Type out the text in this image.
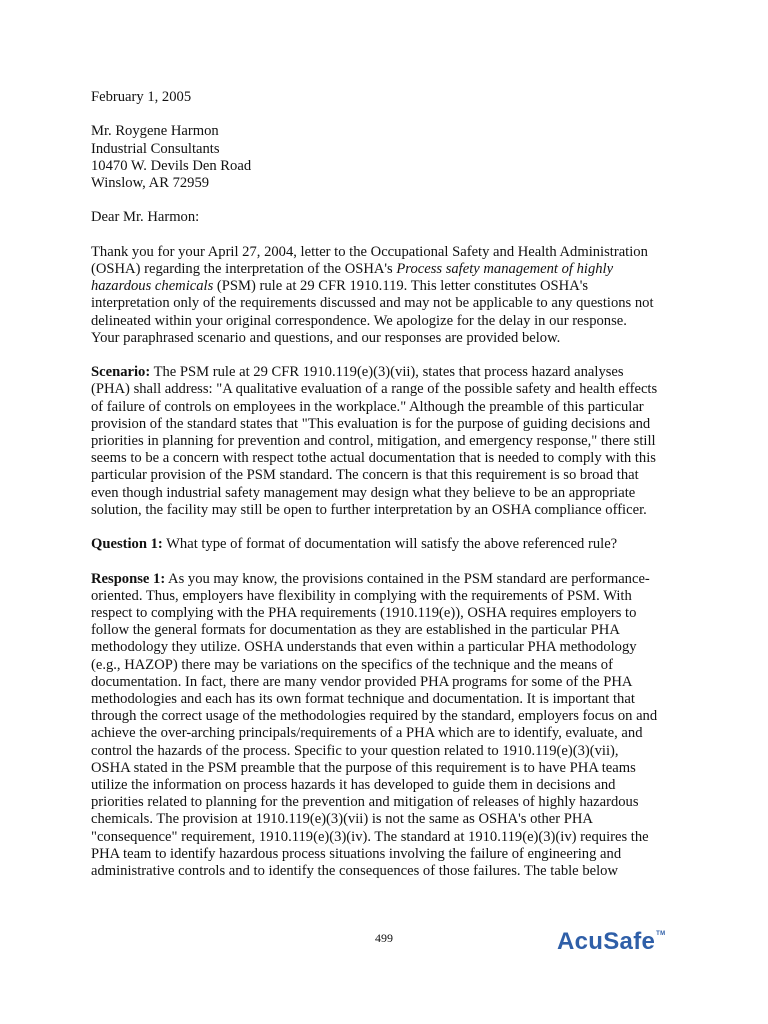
February 1, 2005
Mr. Roygene Harmon
Industrial Consultants
10470 W. Devils Den Road
Winslow, AR 72959
Dear Mr. Harmon:
Thank you for your April 27, 2004, letter to the Occupational Safety and Health Administration
(OSHA) regarding the interpretation of the OSHA's Process safety management of highly
hazardous chemicals (PSM) rule at 29 CFR 1910.119. This letter constitutes OSHA's
interpretation only of the requirements discussed and may not be applicable to any questions not
delineated within your original correspondence. We apologize for the delay in our response.
Your paraphrased scenario and questions, and our responses are provided below.
Scenario: The PSM rule at 29 CFR 1910.119(e)(3)(vii), states that process hazard analyses
(PHA) shall address: "A qualitative evaluation of a range of the possible safety and health effects
of failure of controls on employees in the workplace." Although the preamble of this particular
provision of the standard states that "This evaluation is for the purpose of guiding decisions and
priorities in planning for prevention and control, mitigation, and emergency response," there still
seems to be a concern with respect tothe actual documentation that is needed to comply with this
particular provision of the PSM standard. The concern is that this requirement is so broad that
even though industrial safety management may design what they believe to be an appropriate
solution, the facility may still be open to further interpretation by an OSHA compliance officer.
Question 1: What type of format of documentation will satisfy the above referenced rule?
Response 1: As you may know, the provisions contained in the PSM standard are performance-
oriented. Thus, employers have flexibility in complying with the requirements of PSM. With
respect to complying with the PHA requirements (1910.119(e)), OSHA requires employers to
follow the general formats for documentation as they are established in the particular PHA
methodology they utilize. OSHA understands that even within a particular PHA methodology
(e.g., HAZOP) there may be variations on the specifics of the technique and the means of
documentation. In fact, there are many vendor provided PHA programs for some of the PHA
methodologies and each has its own format technique and documentation. It is important that
through the correct usage of the methodologies required by the standard, employers focus on and
achieve the over-arching principals/requirements of a PHA which are to identify, evaluate, and
control the hazards of the process. Specific to your question related to 1910.119(e)(3)(vii),
OSHA stated in the PSM preamble that the purpose of this requirement is to have PHA teams
utilize the information on process hazards it has developed to guide them in decisions and
priorities related to planning for the prevention and mitigation of releases of highly hazardous
chemicals. The provision at 1910.119(e)(3)(vii) is not the same as OSHA's other PHA
"consequence" requirement, 1910.119(e)(3)(iv). The standard at 1910.119(e)(3)(iv) requires the
PHA team to identify hazardous process situations involving the failure of engineering and
administrative controls and to identify the consequences of those failures. The table below
499	AcuSafe™
